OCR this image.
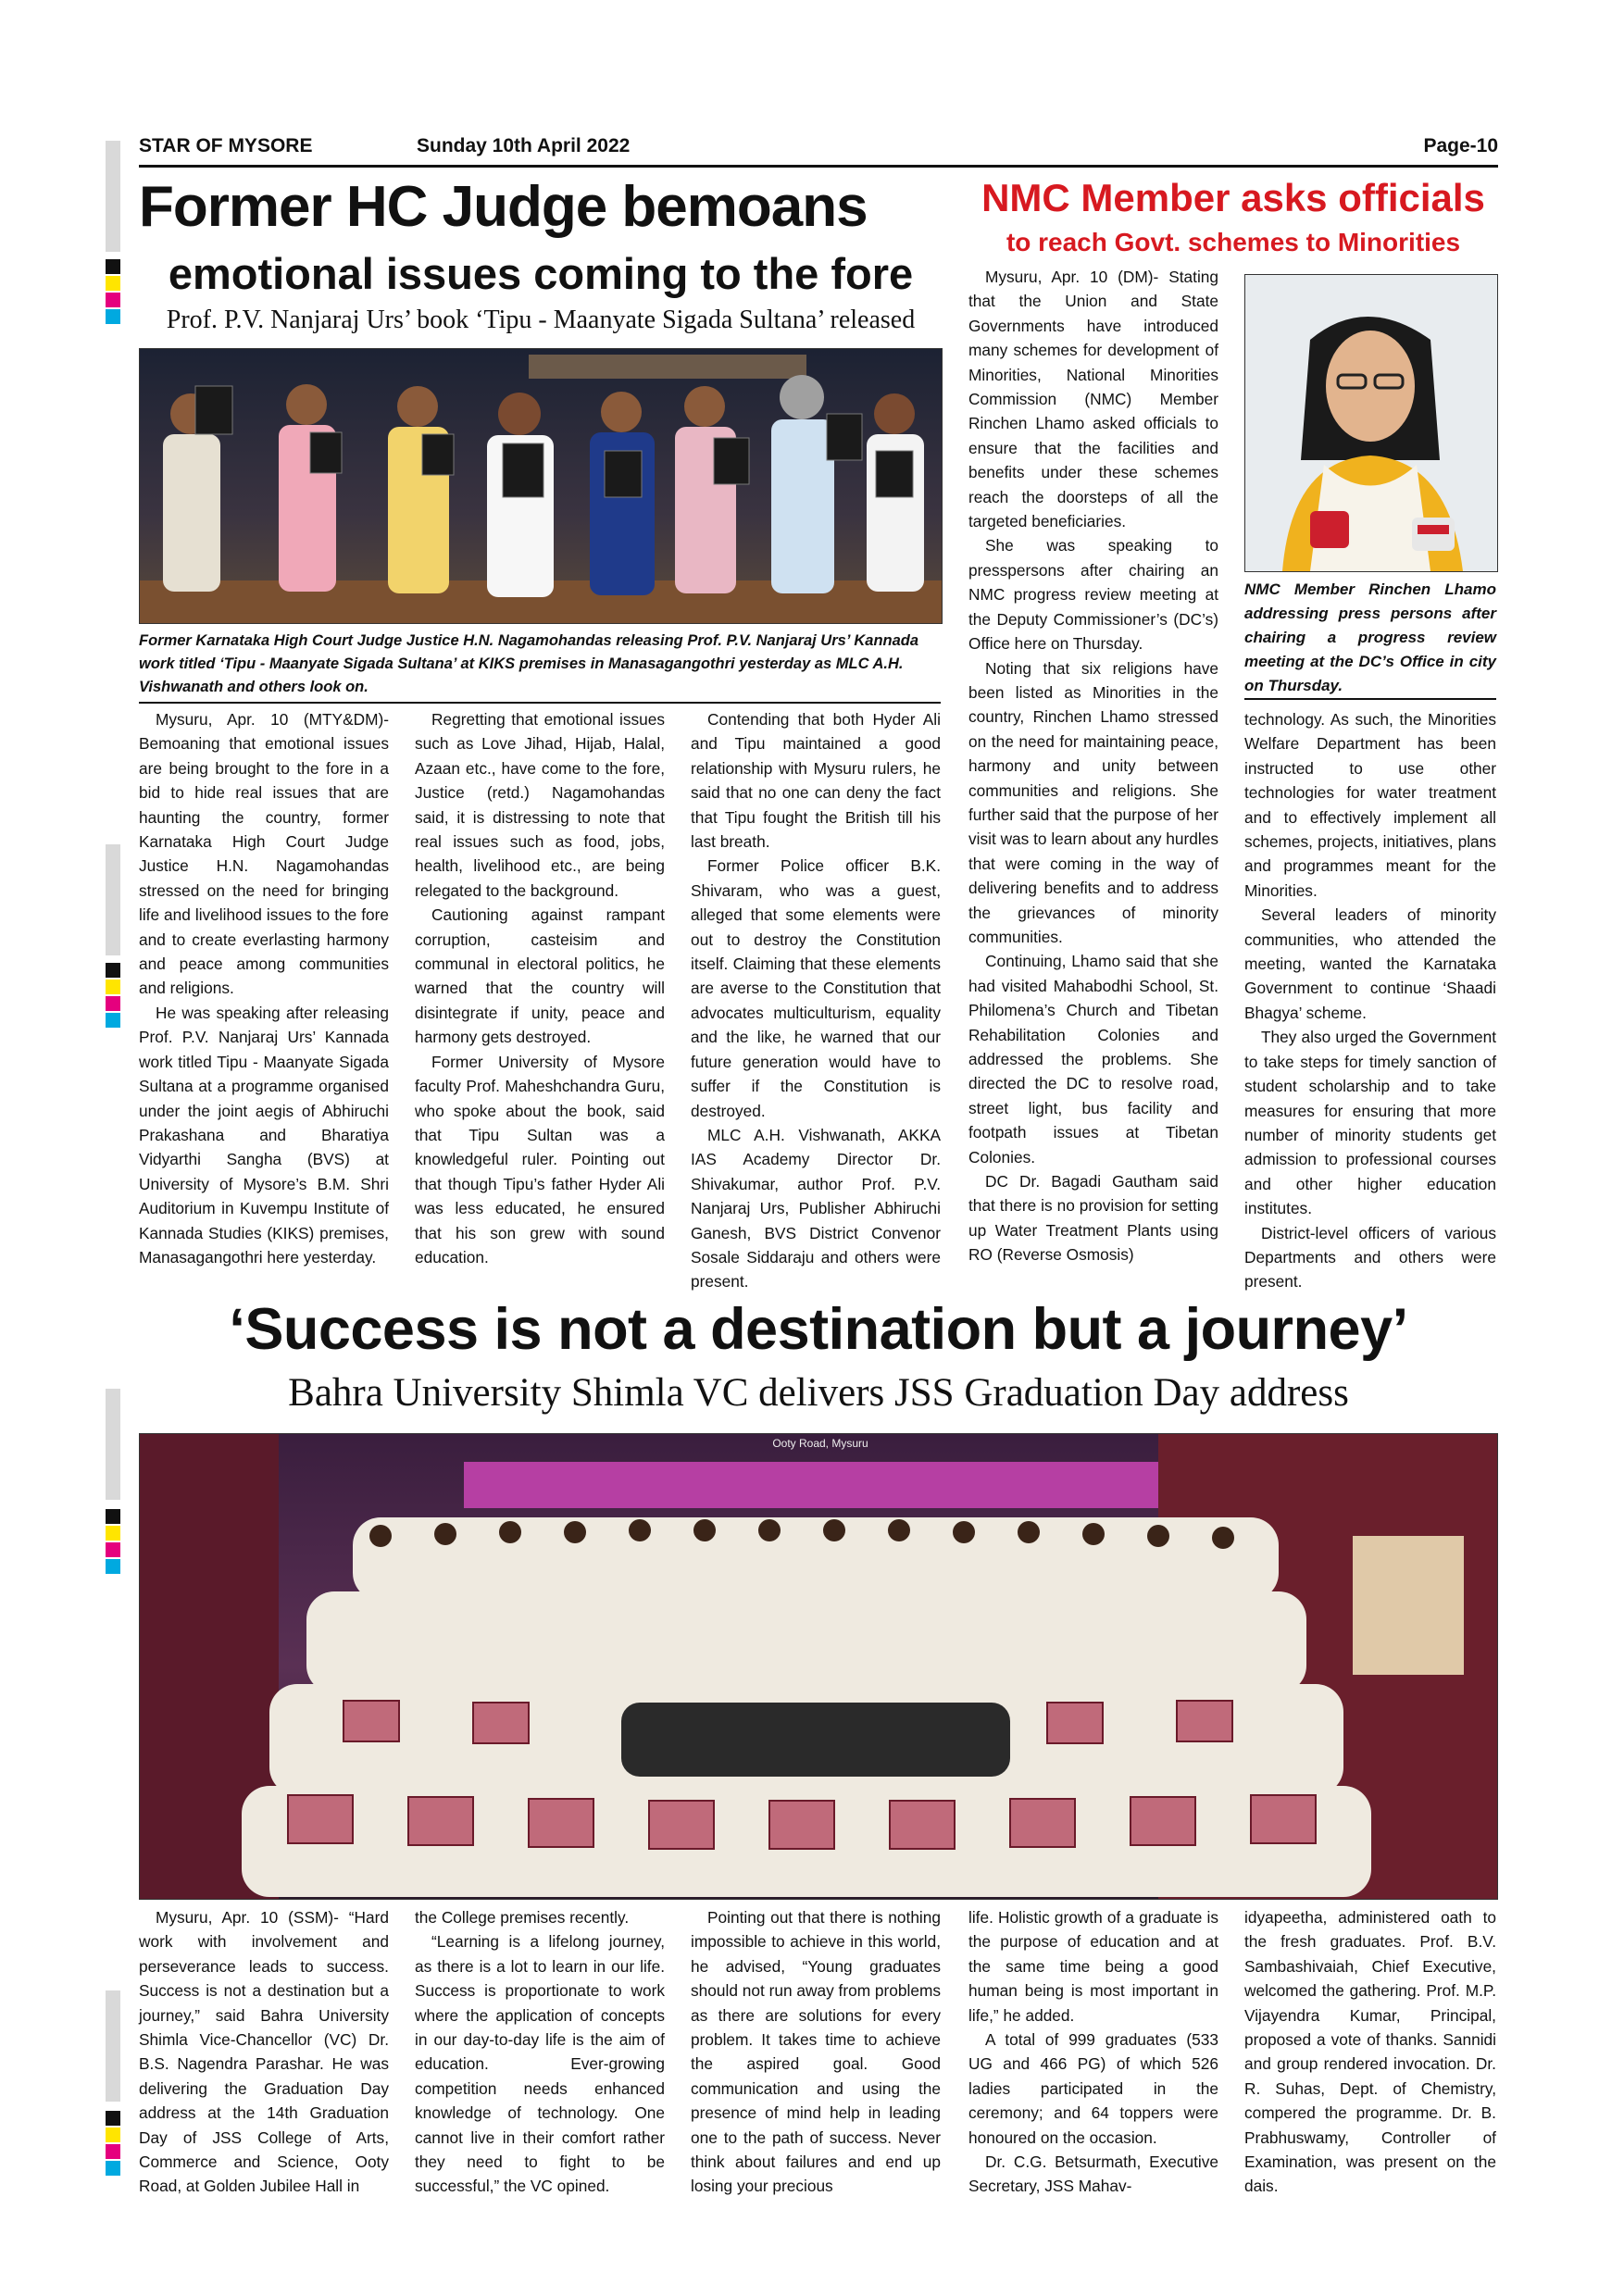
STAR OF MYSORE	Sunday 10th April 2022	Page-10
Former HC Judge bemoans
emotional issues coming to the fore
Prof. P.V. Nanjaraj Urs’ book ‘Tipu - Maanyate Sigada Sultana’ released
Former Karnataka High Court Judge Justice H.N. Nagamohandas releasing Prof. P.V. Nanjaraj Urs’ Kannada work titled ‘Tipu - Maanyate Sigada Sultana’ at KIKS premises in Manasagangothri yesterday as MLC A.H. Vishwanath and others look on.

Mysuru, Apr. 10 (MTY&DM)- Bemoaning that emotional issues are being brought to the fore in a bid to hide real issues that are haunting the country, former Karnataka High Court Judge Justice H.N. Nagamohandas stressed on the need for bringing life and livelihood issues to the fore and to create everlasting harmony and peace among communities and religions.

He was speaking after releasing Prof. P.V. Nanjaraj Urs’ Kannada work titled Tipu - Maanyate Sigada Sultana at a programme organised under the joint aegis of Abhiruchi Prakashana and Bharatiya Vidyarthi Sangha (BVS) at University of Mysore’s B.M. Shri Auditorium in Kuvempu Institute of Kannada Studies (KIKS) premises, Manasagangothri here yesterday.

Regretting that emotional issues such as Love Jihad, Hijab, Halal, Azaan etc., have come to the fore, Justice (retd.) Nagamohandas said, it is distressing to note that real issues such as food, jobs, health, livelihood etc., are being relegated to the background.

Cautioning against rampant corruption, casteisim and communal in electoral politics, he warned that the country will disintegrate if unity, peace and harmony gets destroyed.

Former University of Mysore faculty Prof. Maheshchandra Guru, who spoke about the book, said that Tipu Sultan was a knowledgeful ruler. Pointing out that though Tipu’s father Hyder Ali was less educated, he ensured that his son grew with sound education.

Contending that both Hyder Ali and Tipu maintained a good relationship with Mysuru rulers, he said that no one can deny the fact that Tipu fought the British till his last breath.

Former Police officer B.K. Shivaram, who was a guest, alleged that some elements were out to destroy the Constitution itself. Claiming that these elements are averse to the Constitution that advocates multiculturism, equality and the like, he warned that our future generation would have to suffer if the Constitution is destroyed.

MLC A.H. Vishwanath, AKKA IAS Academy Director Dr. Shivakumar, author Prof. P.V. Nanjaraj Urs, Publisher Abhiruchi Ganesh, BVS District Convenor Sosale Siddaraju and others were present.

NMC Member asks officials
to reach Govt. schemes to Minorities

Mysuru, Apr. 10 (DM)- Stating that the Union and State Governments have introduced many schemes for development of Minorities, National Minorities Commission (NMC) Member Rinchen Lhamo asked officials to ensure that the facilities and benefits under these schemes reach the doorsteps of all the targeted beneficiaries.

She was speaking to presspersons after chairing an NMC progress review meeting at the Deputy Commissioner’s (DC’s) Office here on Thursday.

Noting that six religions have been listed as Minorities in the country, Rinchen Lhamo stressed on the need for maintaining peace, harmony and unity between communities and religions. She further said that the purpose of her visit was to learn about any hurdles that were coming in the way of delivering benefits and to address the grievances of minority communities.

Continuing, Lhamo said that she had visited Mahabodhi School, St. Philomena’s Church and Tibetan Rehabilitation Colonies and addressed the problems. She directed the DC to resolve road, street light, bus facility and footpath issues at Tibetan Colonies.

DC Dr. Bagadi Gautham said that there is no provision for setting up Water Treatment Plants using RO (Reverse Osmosis)

NMC Member Rinchen Lhamo addressing press persons after chairing a progress review meeting at the DC’s Office in city on Thursday.

technology. As such, the Minorities Welfare Department has been instructed to use other technologies for water treatment and to effectively implement all schemes, projects, initiatives, plans and programmes meant for the Minorities.

Several leaders of minority communities, who attended the meeting, wanted the Karnataka Government to continue ‘Shaadi Bhagya’ scheme.

They also urged the Government to take steps for timely sanction of student scholarship and to take measures for ensuring that more number of minority students get admission to professional courses and other higher education institutes.

District-level officers of various Departments and others were present.

‘Success is not a destination but a journey’
Bahra University Shimla VC delivers JSS Graduation Day address
Ooty Road, Mysuru

Mysuru, Apr. 10 (SSM)- “Hard work with involvement and perseverance leads to success. Success is not a destination but a journey,” said Bahra University Shimla Vice-Chancellor (VC) Dr. B.S. Nagendra Parashar. He was delivering the Graduation Day address at the 14th Graduation Day of JSS College of Arts, Commerce and Science, Ooty Road, at Golden Jubilee Hall in

the College premises recently.

“Learning is a lifelong journey, as there is a lot to learn in our life. Success is proportionate to work where the application of concepts in our day-to-day life is the aim of education. Ever-growing competition needs enhanced knowledge of technology. One cannot live in their comfort rather they need to fight to be successful,” the VC opined.

Pointing out that there is nothing impossible to achieve in this world, he advised, “Young graduates should not run away from problems as there are solutions for every problem. It takes time to achieve the aspired goal. Good communication and using the presence of mind help in leading one to the path of success. Never think about failures and end up losing your precious

life. Holistic growth of a graduate is the purpose of education and at the same time being a good human being is most important in life,” he added.

A total of 999 graduates (533 UG and 466 PG) of which 526 ladies participated in the ceremony; and 64 toppers were honoured on the occasion.

Dr. C.G. Betsurmath, Executive Secretary, JSS Mahav-

idyapeetha, administered oath to the fresh graduates. Prof. B.V. Sambashivaiah, Chief Executive, welcomed the gathering. Prof. M.P. Vijayendra Kumar, Principal, proposed a vote of thanks. Sannidi and group rendered invocation. Dr. R. Suhas, Dept. of Chemistry, compered the programme. Dr. B. Prabhuswamy, Controller of Examination, was present on the dais.
